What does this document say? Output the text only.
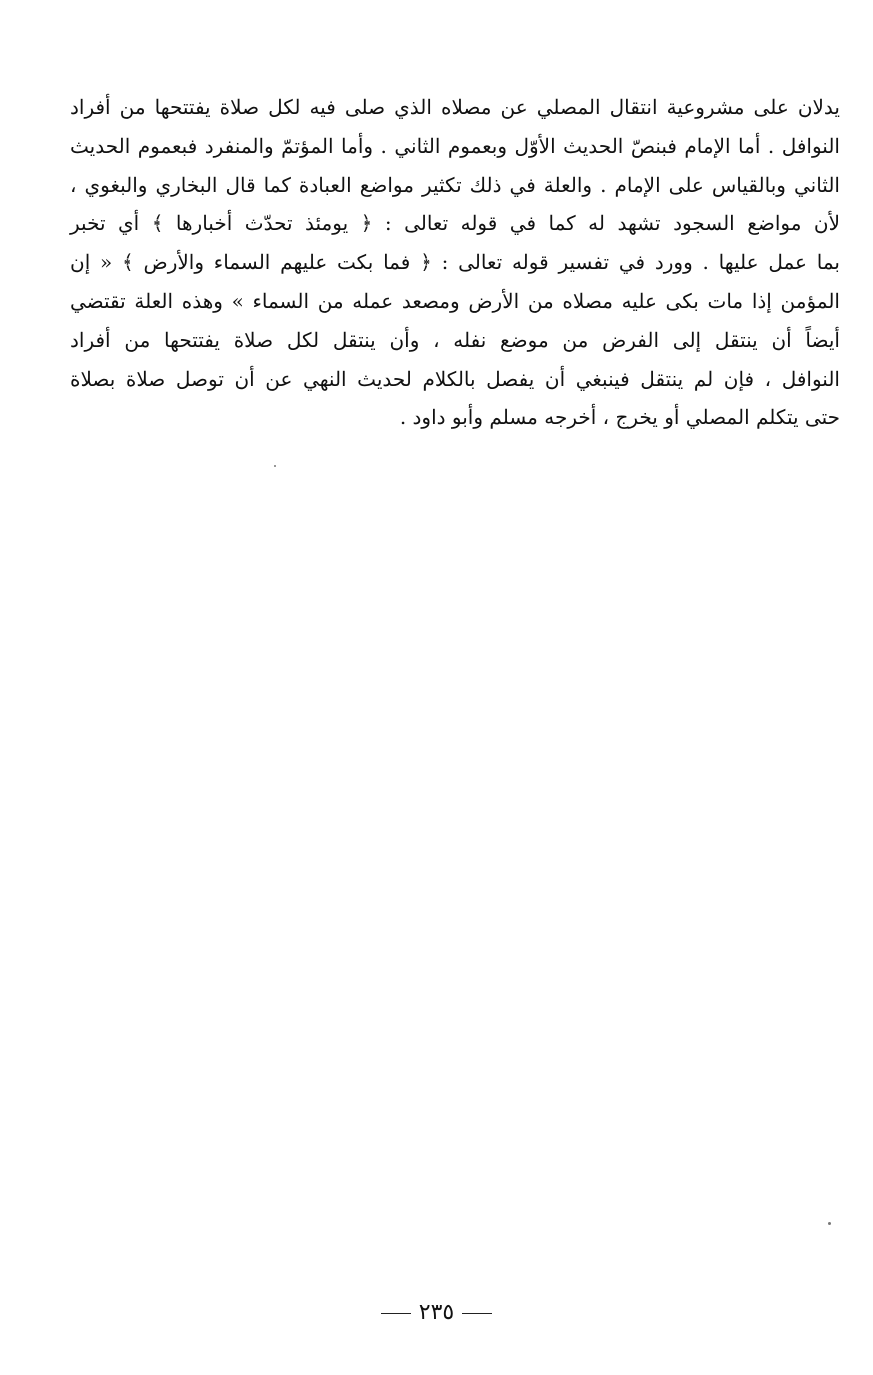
يدلان على مشروعية انتقال المصلي عن مصلاه الذي صلى فيه لكل صلاة يفتتحها من أفراد
النوافل . أما الإمام فبنصّ الحديث الأوّل وبعموم الثاني . وأما المؤتمّ والمنفرد فبعموم الحديث
الثاني وبالقياس على الإمام . والعلة في ذلك تكثير مواضع العبادة كما قال البخاري والبغوي ،
لأن مواضع السجود تشهد له كما في قوله تعالى : ﴿ يومئذ تحدّث أخبارها ﴾ أي تخبر
بما عمل عليها . وورد في تفسير قوله تعالى : ﴿ فما بكت عليهم السماء والأرض ﴾ « إن
المؤمن إذا مات بكى عليه مصلاه من الأرض ومصعد عمله من السماء » وهذه العلة تقتضي
أيضاً أن ينتقل إلى الفرض من موضع نفله ، وأن ينتقل لكل صلاة يفتتحها من أفراد
النوافل ، فإن لم ينتقل فينبغي أن يفصل بالكلام لحديث النهي عن أن توصل صلاة بصلاة
حتى يتكلم المصلي أو يخرج ، أخرجه مسلم وأبو داود .
٢٣٥
